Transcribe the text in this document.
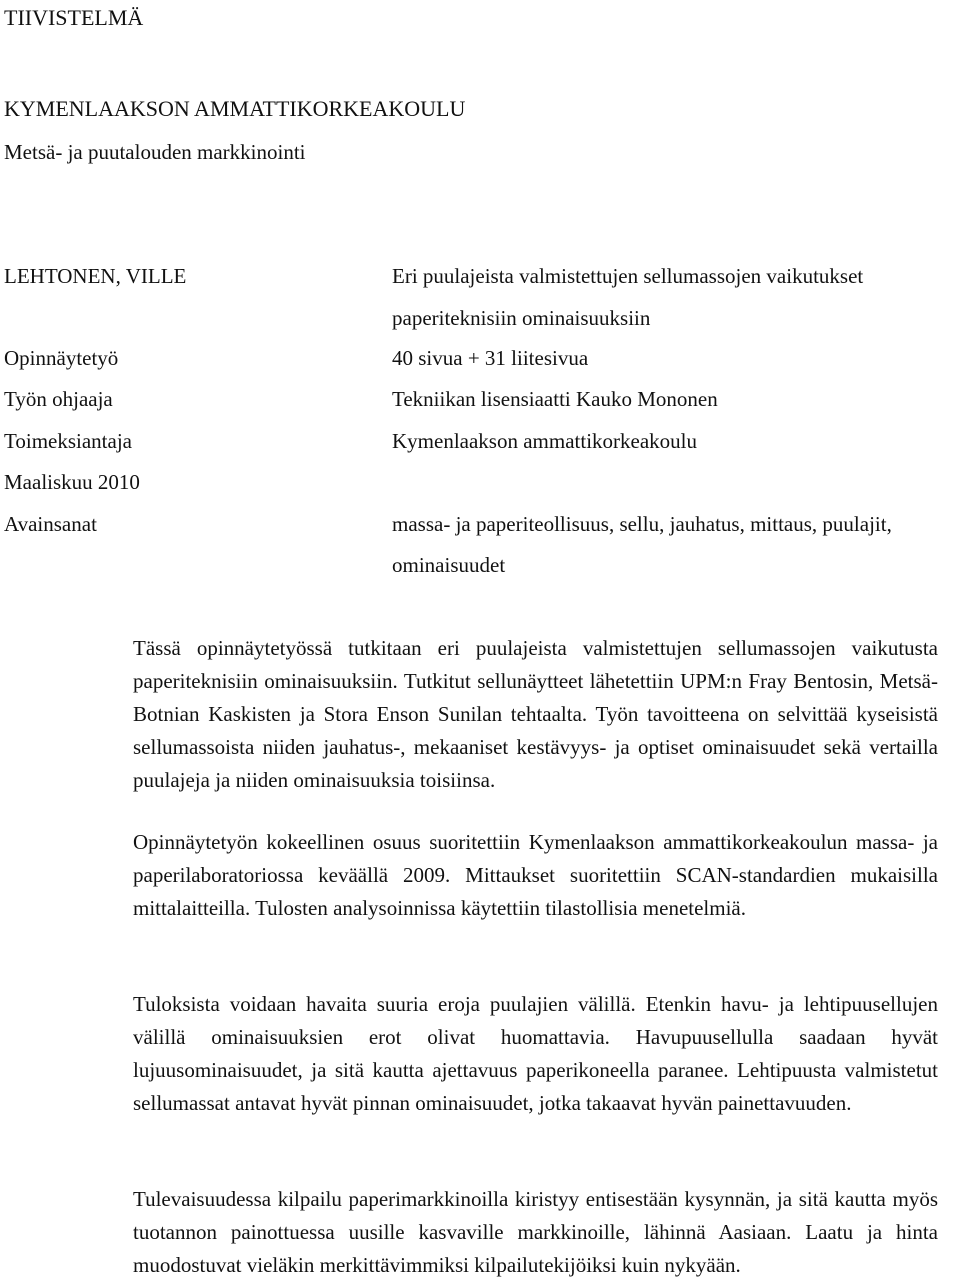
TIIVISTELMÄ
KYMENLAAKSON AMMATTIKORKEAKOULU
Metsä- ja puutalouden markkinointi
LEHTONEN, VILLE	Eri puulajeista valmistettujen sellumassojen vaikutukset
paperiteknisiin ominaisuuksiin
Opinnäytetyö	40 sivua + 31 liitesivua
Työn ohjaaja	Tekniikan lisensiaatti Kauko Mononen
Toimeksiantaja	Kymenlaakson ammattikorkeakoulu
Maaliskuu 2010
Avainsanat	massa- ja paperiteollisuus, sellu, jauhatus, mittaus, puulajit,
ominaisuudet

Tässä opinnäytetyössä tutkitaan eri puulajeista valmistettujen sellumassojen vaikutusta paperiteknisiin ominaisuuksiin. Tutkitut sellunäytteet lähetettiin UPM:n Fray Bentosin, Metsä-Botnian Kaskisten ja Stora Enson Sunilan tehtaalta. Työn tavoitteena on selvittää kyseisistä sellumassoista niiden jauhatus-, mekaaniset kestävyys- ja optiset ominaisuudet sekä vertailla puulajeja ja niiden ominaisuuksia toisiinsa.

Opinnäytetyön kokeellinen osuus suoritettiin Kymenlaakson ammattikorkeakoulun massa- ja paperilaboratoriossa keväällä 2009. Mittaukset suoritettiin SCAN-standardien mukaisilla mittalaitteilla. Tulosten analysoinnissa käytettiin tilastollisia menetelmiä.

Tuloksista voidaan havaita suuria eroja puulajien välillä. Etenkin havu- ja lehtipuusellujen välillä ominaisuuksien erot olivat huomattavia. Havupuusellulla saadaan hyvät lujuusominaisuudet, ja sitä kautta ajettavuus paperikoneella paranee. Lehtipuusta valmistetut sellumassat antavat hyvät pinnan ominaisuudet, jotka takaavat hyvän painettavuuden.

Tulevaisuudessa kilpailu paperimarkkinoilla kiristyy entisestään kysynnän, ja sitä kautta myös tuotannon painottuessa uusille kasvaville markkinoille, lähinnä Aasiaan. Laatu ja hinta muodostuvat vieläkin merkittävimmiksi kilpailutekijöiksi kuin nykyään.
